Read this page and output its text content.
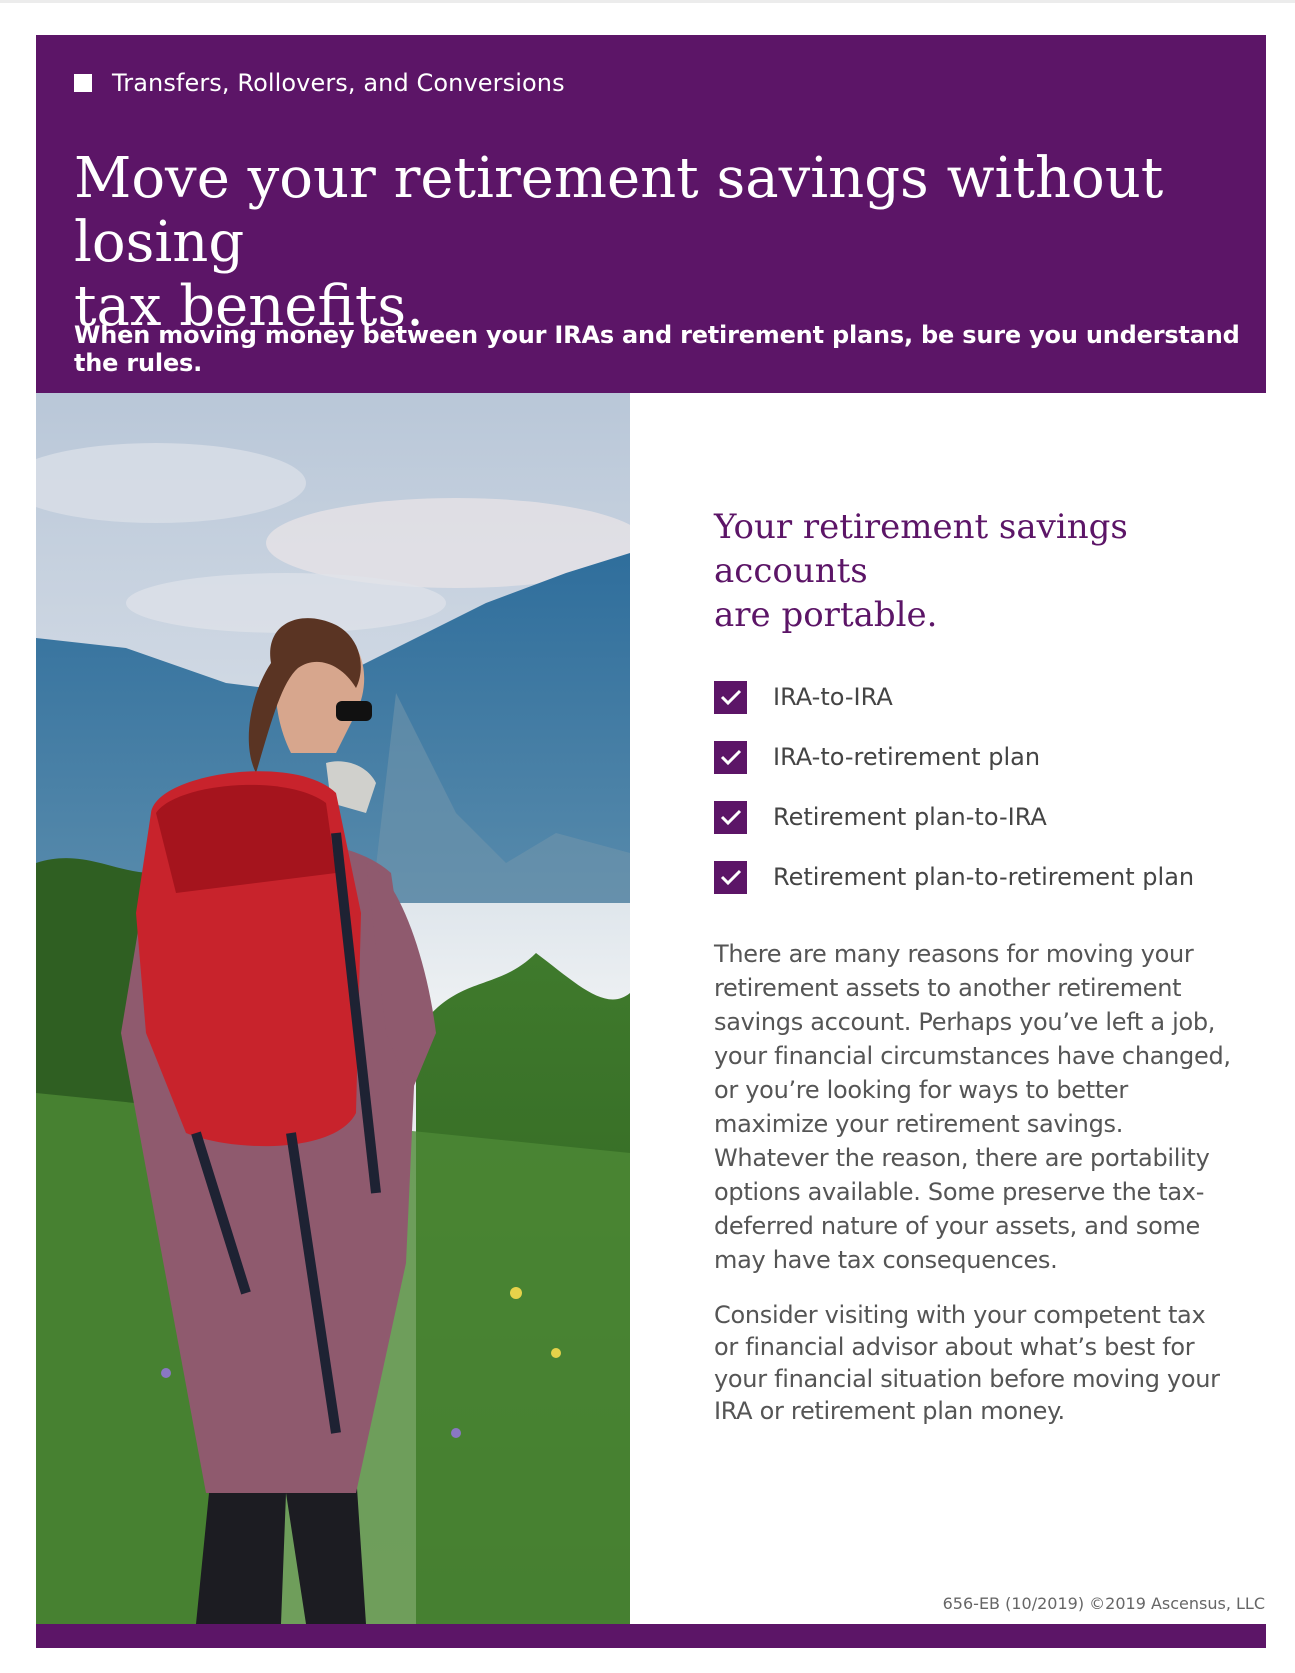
Transfers, Rollovers, and Conversions
Move your retirement savings without losing
tax benefits.
When moving money between your IRAs and retirement plans, be sure you understand the rules.
Your retirement savings accounts
are portable.
IRA-to-IRA
IRA-to-retirement plan
Retirement plan-to-IRA
Retirement plan-to-retirement plan

There are many reasons for moving your retirement assets to another retirement savings account. Perhaps you’ve left a job, your financial circumstances have changed, or you’re looking for ways to better maximize your retirement savings. Whatever the reason, there are portability options available. Some preserve the tax-deferred nature of your assets, and some may have tax consequences.

Consider visiting with your competent tax or financial advisor about what’s best for your financial situation before moving your IRA or retirement plan money.

656-EB (10/2019) ©2019 Ascensus, LLC
